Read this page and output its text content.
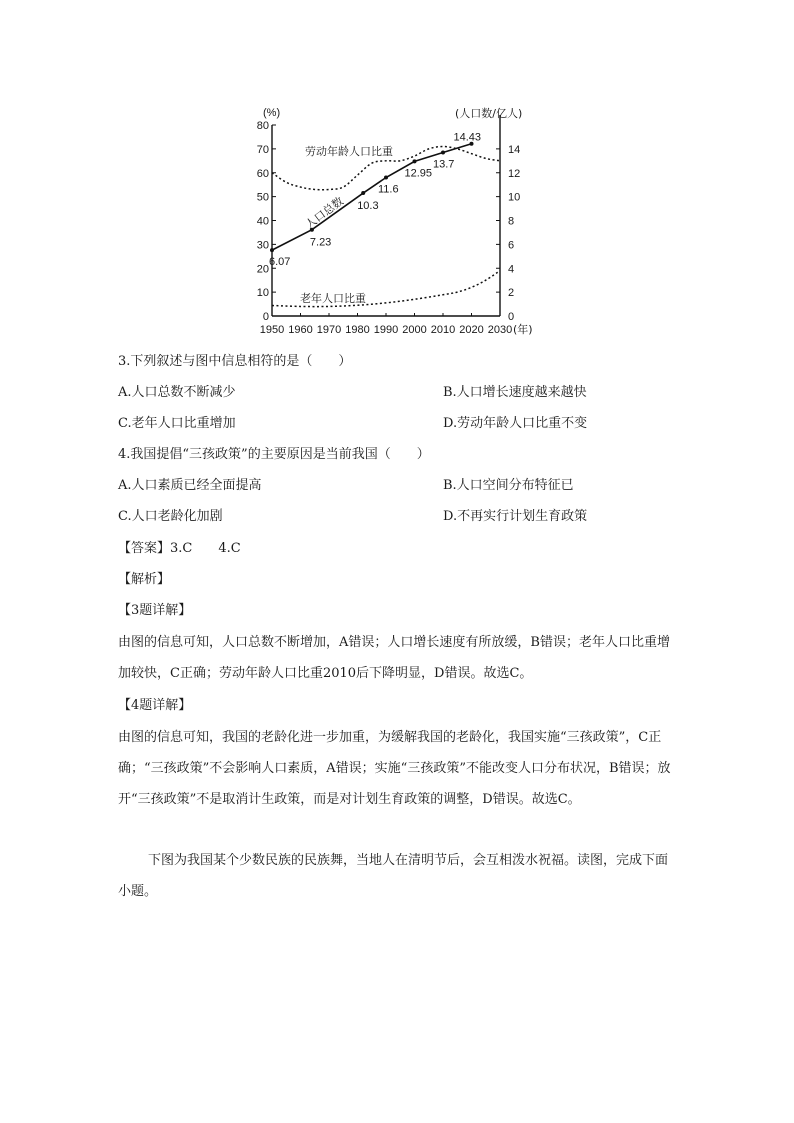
(%)	(人口数/亿人)
0
10
20
30
40
50
60
70
80
0
2
4
6
8
10
12
14
1950 1960 1970 1980 1990 2000 2010 2020 2030 (年)
6.07
7.23
10.3
11.6
12.95
13.7
14.43
劳动年龄人口比重
老年人口比重
人口总数
3.下列叙述与图中信息相符的是（　　）
A.人口总数不断减少	B.人口增长速度越来越快
C.老年人口比重增加	D.劳动年龄人口比重不变
4.我国提倡“三孩政策”的主要原因是当前我国（　　）
A.人口素质已经全面提高	B.人口空间分布特征已
C.人口老龄化加剧	D.不再实行计划生育政策
【答案】3.C　　4.C
【解析】
【3题详解】
由图的信息可知，人口总数不断增加，A错误；人口增长速度有所放缓，B错误；老年人口比重增加较快，C正确；劳动年龄人口比重2010后下降明显，D错误。故选C。
【4题详解】
由图的信息可知，我国的老龄化进一步加重，为缓解我国的老龄化，我国实施“三孩政策”，C正确；“三孩政策”不会影响人口素质，A错误；实施“三孩政策”不能改变人口分布状况，B错误；放开“三孩政策”不是取消计生政策，而是对计划生育政策的调整，D错误。故选C。
下图为我国某个少数民族的民族舞，当地人在清明节后，会互相泼水祝福。读图，完成下面小题。
